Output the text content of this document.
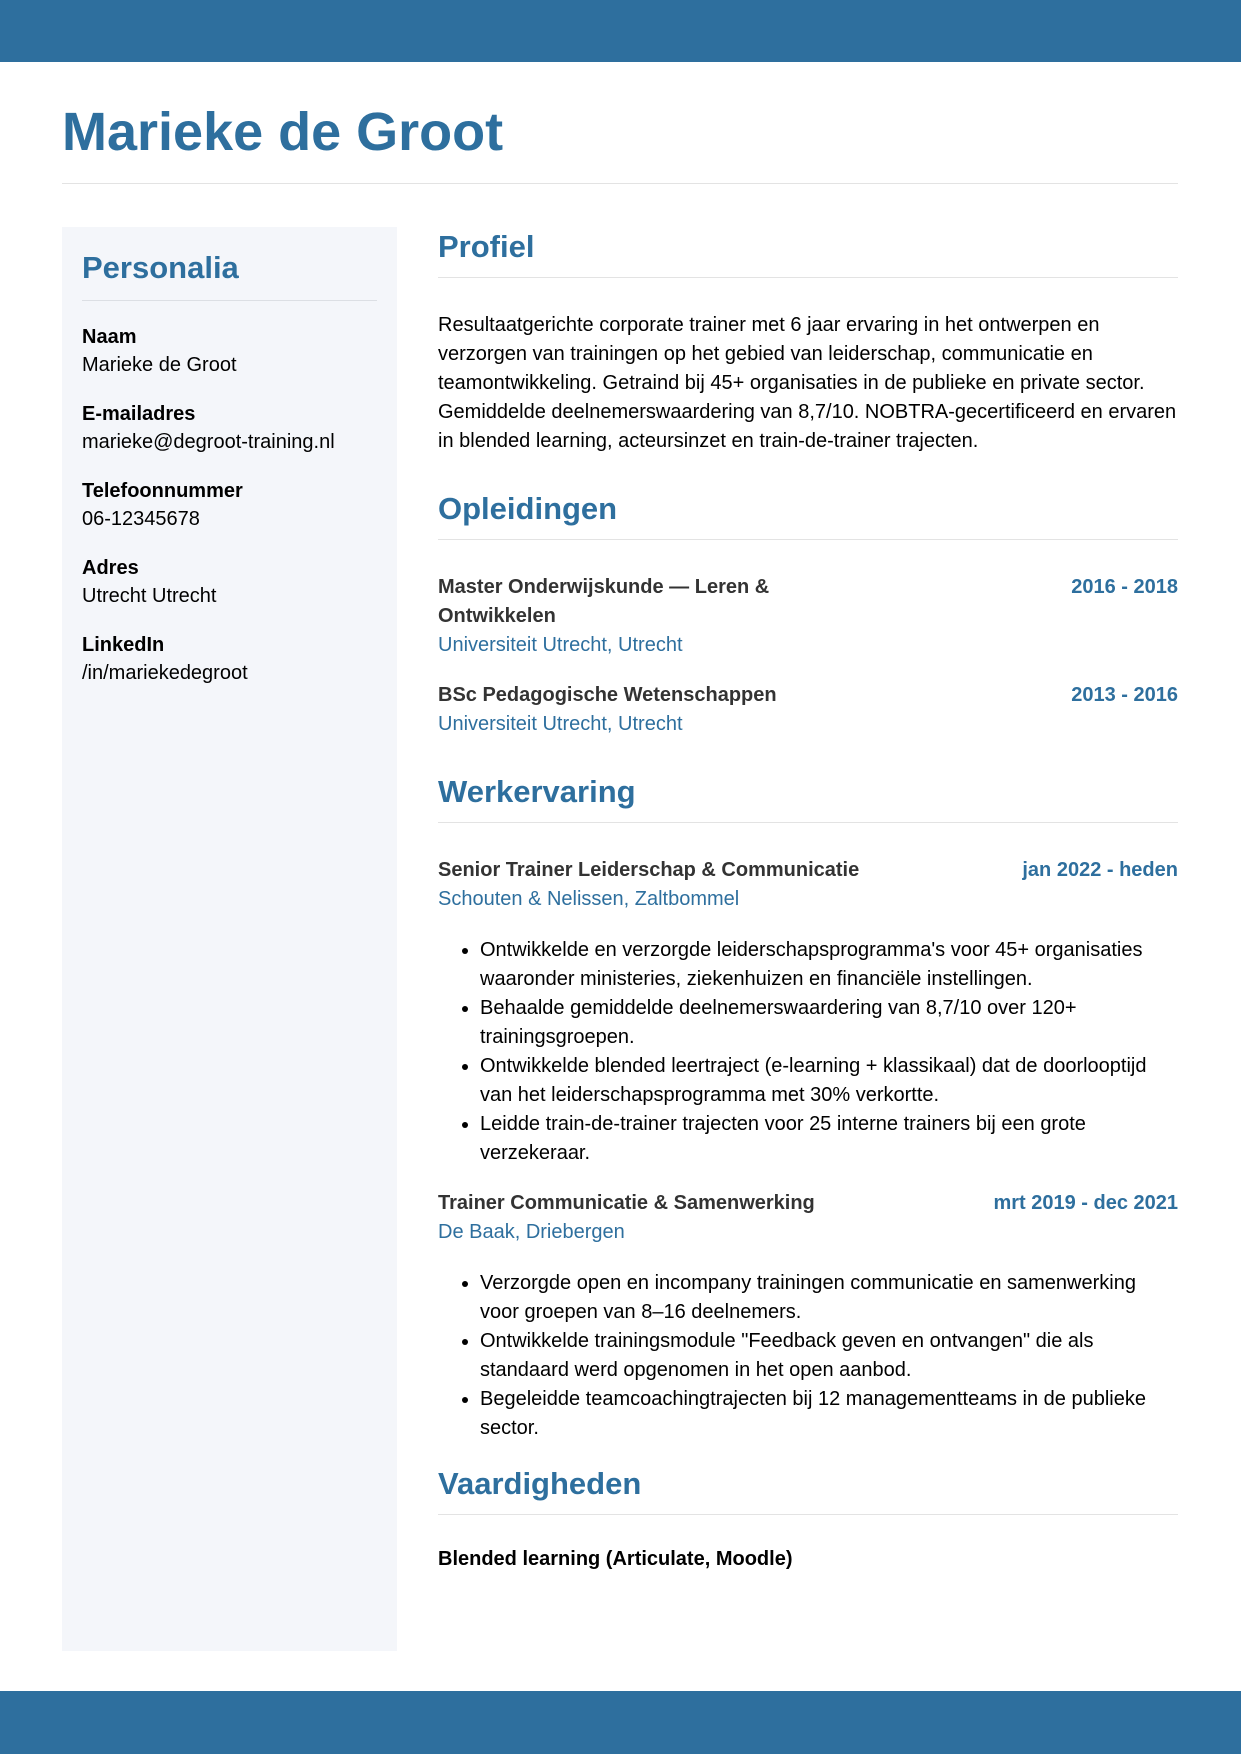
Marieke de Groot
Personalia
Naam
Marieke de Groot
E-mailadres
marieke@degroot-training.nl
Telefoonnummer
06-12345678
Adres
Utrecht Utrecht
LinkedIn
/in/mariekedegroot
Profiel

Resultaatgerichte corporate trainer met 6 jaar ervaring in het ontwerpen en verzorgen van trainingen op het gebied van leiderschap, communicatie en teamontwikkeling. Getraind bij 45+ organisaties in de publieke en private sector. Gemiddelde deelnemerswaardering van 8,7/10. NOBTRA-gecertificeerd en ervaren in blended learning, acteursinzet en train-de-trainer trajecten.

Opleidingen
Master Onderwijskunde — Leren & Ontwikkelen
2016 - 2018
Universiteit Utrecht, Utrecht
BSc Pedagogische Wetenschappen	2013 - 2016
Universiteit Utrecht, Utrecht
Werkervaring
Senior Trainer Leiderschap & Communicatie	jan 2022 - heden
Schouten & Nelissen, Zaltbommel
• Ontwikkelde en verzorgde leiderschapsprogramma's voor 45+ organisaties waaronder ministeries, ziekenhuizen en financiële instellingen.
• Behaalde gemiddelde deelnemerswaardering van 8,7/10 over 120+ trainingsgroepen.
• Ontwikkelde blended leertraject (e-learning + klassikaal) dat de doorlooptijd van het leiderschapsprogramma met 30% verkortte.
• Leidde train-de-trainer trajecten voor 25 interne trainers bij een grote verzekeraar.
Trainer Communicatie & Samenwerking	mrt 2019 - dec 2021
De Baak, Driebergen
• Verzorgde open en incompany trainingen communicatie en samenwerking voor groepen van 8–16 deelnemers.
• Ontwikkelde trainingsmodule "Feedback geven en ontvangen" die als standaard werd opgenomen in het open aanbod.
• Begeleidde teamcoachingtrajecten bij 12 managementteams in de publieke sector.
Vaardigheden
Blended learning (Articulate, Moodle)
